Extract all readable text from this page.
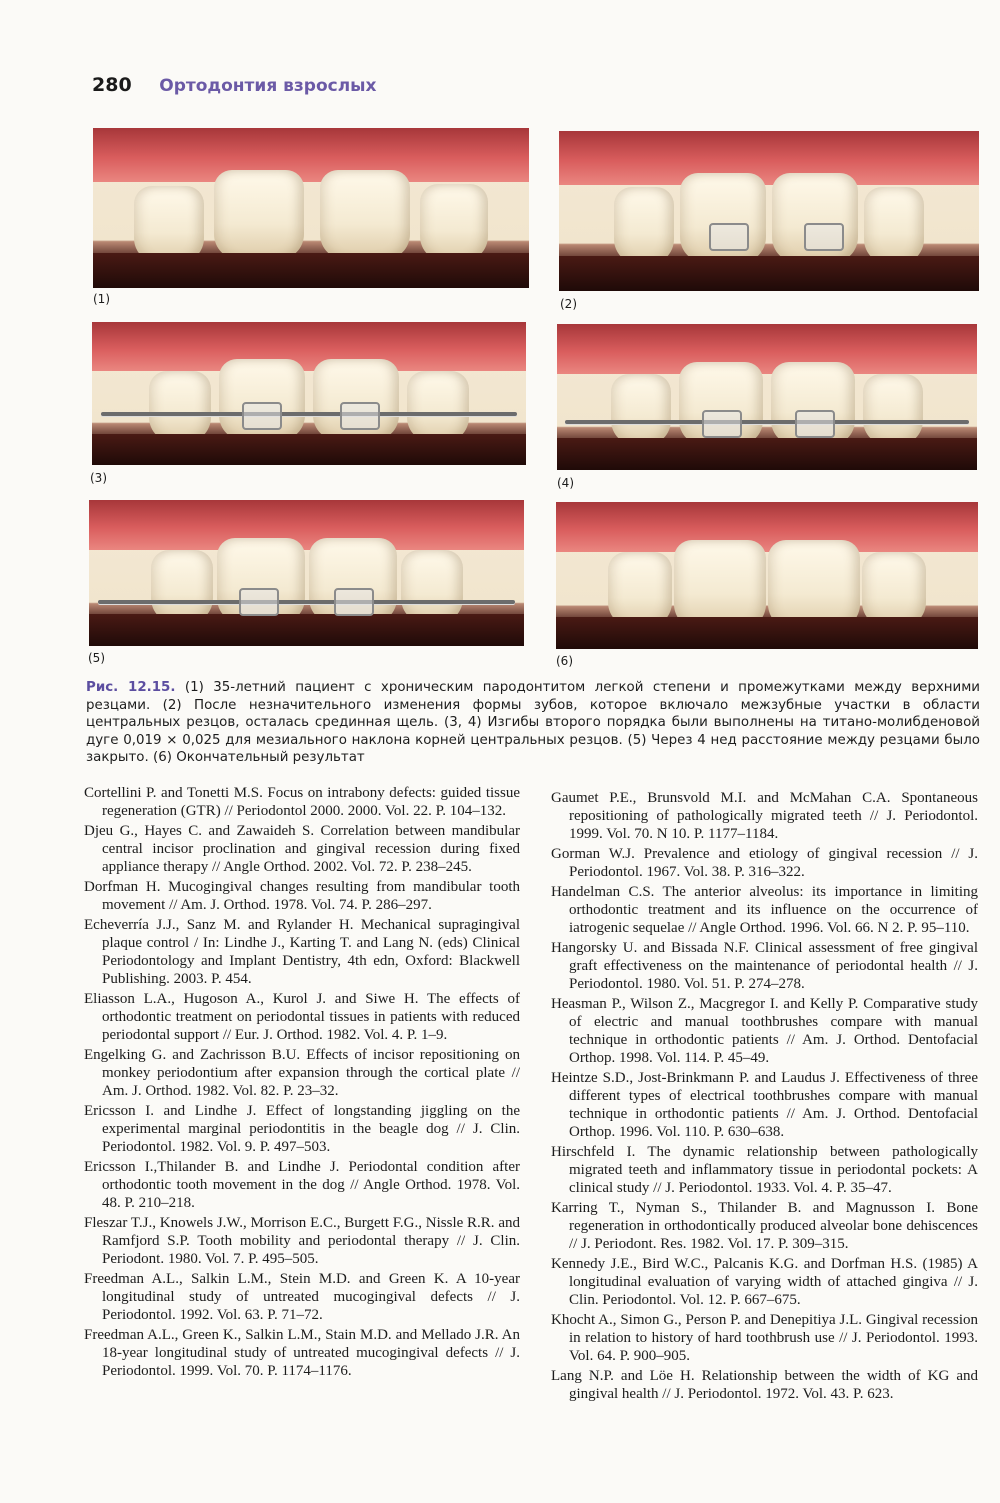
280 Ортодонтия взрослых
(1)	(2)
(3)	(4)
(5)	(6)
Рис. 12.15. (1) 35-летний пациент с хроническим пародонтитом легкой степени и промежутками между верхними резцами. (2) После незначительного изменения формы зубов, которое включало межзубные участки в области центральных резцов, осталась срединная щель. (3, 4) Изгибы второго порядка были выполнены на титано-молибденовой дуге 0,019 × 0,025 для мезиального наклона корней центральных резцов. (5) Через 4 нед расстояние между резцами было закрыто. (6) Окончательный результат

Cortellini P. and Tonetti M.S. Focus on intrabony defects: guided tissue regeneration (GTR) // Periodontol 2000. 2000. Vol. 22. P. 104–132.

Djeu G., Hayes C. and Zawaideh S. Correlation between mandibular central incisor proclination and gingival recession during fixed appliance therapy // Angle Orthod. 2002. Vol. 72. P. 238–245.

Dorfman H. Mucogingival changes resulting from mandibular tooth movement // Am. J. Orthod. 1978. Vol. 74. P. 286–297.

Echeverría J.J., Sanz M. and Rylander H. Mechanical supragingival plaque control / In: Lindhe J., Karting T. and Lang N. (eds) Clinical Periodontology and Implant Dentistry, 4th edn, Oxford: Blackwell Publishing. 2003. P. 454.

Eliasson L.A., Hugoson A., Kurol J. and Siwe H. The effects of orthodontic treatment on periodontal tissues in patients with reduced periodontal support // Eur. J. Orthod. 1982. Vol. 4. P. 1–9.

Engelking G. and Zachrisson B.U. Effects of incisor repositioning on monkey periodontium after expansion through the cortical plate // Am. J. Orthod. 1982. Vol. 82. P. 23–32.

Ericsson I. and Lindhe J. Effect of longstanding jiggling on the experimental marginal periodontitis in the beagle dog // J. Clin. Periodontol. 1982. Vol. 9. P. 497–503.

Ericsson I.,Thilander B. and Lindhe J. Periodontal condition after orthodontic tooth movement in the dog // Angle Orthod. 1978. Vol. 48. P. 210–218.

Fleszar T.J., Knowels J.W., Morrison E.C., Burgett F.G., Nissle R.R. and Ramfjord S.P. Tooth mobility and periodontal therapy // J. Clin. Periodont. 1980. Vol. 7. P. 495–505.

Freedman A.L., Salkin L.M., Stein M.D. and Green K. A 10-year longitudinal study of untreated mucogingival defects // J. Periodontol. 1992. Vol. 63. P. 71–72.

Freedman A.L., Green K., Salkin L.M., Stain M.D. and Mellado J.R. An 18-year longitudinal study of untreated mucogingival defects // J. Periodontol. 1999. Vol. 70. P. 1174–1176.

Gaumet P.E., Brunsvold M.I. and McMahan C.A. Spontaneous repositioning of pathologically migrated teeth // J. Periodontol. 1999. Vol. 70. N 10. P. 1177–1184.

Gorman W.J. Prevalence and etiology of gingival recession // J. Periodontol. 1967. Vol. 38. P. 316–322.

Handelman C.S. The anterior alveolus: its importance in limiting orthodontic treatment and its influence on the occurrence of iatrogenic sequelae // Angle Orthod. 1996. Vol. 66. N 2. P. 95–110.

Hangorsky U. and Bissada N.F. Clinical assessment of free gingival graft effectiveness on the maintenance of periodontal health // J. Periodontol. 1980. Vol. 51. P. 274–278.

Heasman P., Wilson Z., Macgregor I. and Kelly P. Comparative study of electric and manual toothbrushes compare with manual technique in orthodontic patients // Am. J. Orthod. Dentofacial Orthop. 1998. Vol. 114. P. 45–49.

Heintze S.D., Jost-Brinkmann P. and Laudus J. Effectiveness of three different types of electrical toothbrushes compare with manual technique in orthodontic patients // Am. J. Orthod. Dentofacial Orthop. 1996. Vol. 110. P. 630–638.

Hirschfeld I. The dynamic relationship between pathologically migrated teeth and inflammatory tissue in periodontal pockets: A clinical study // J. Periodontol. 1933. Vol. 4. P. 35–47.

Karring T., Nyman S., Thilander B. and Magnusson I. Bone regeneration in orthodontically produced alveolar bone dehiscences // J. Periodont. Res. 1982. Vol. 17. P. 309–315.

Kennedy J.E., Bird W.C., Palcanis K.G. and Dorfman H.S. (1985) A longitudinal evaluation of varying width of attached gingiva // J. Clin. Periodontol. Vol. 12. P. 667–675.

Khocht A., Simon G., Person P. and Denepitiya J.L. Gingival recession in relation to history of hard toothbrush use // J. Periodontol. 1993. Vol. 64. P. 900–905.

Lang N.P. and Löe H. Relationship between the width of KG and gingival health // J. Periodontol. 1972. Vol. 43. P. 623.
